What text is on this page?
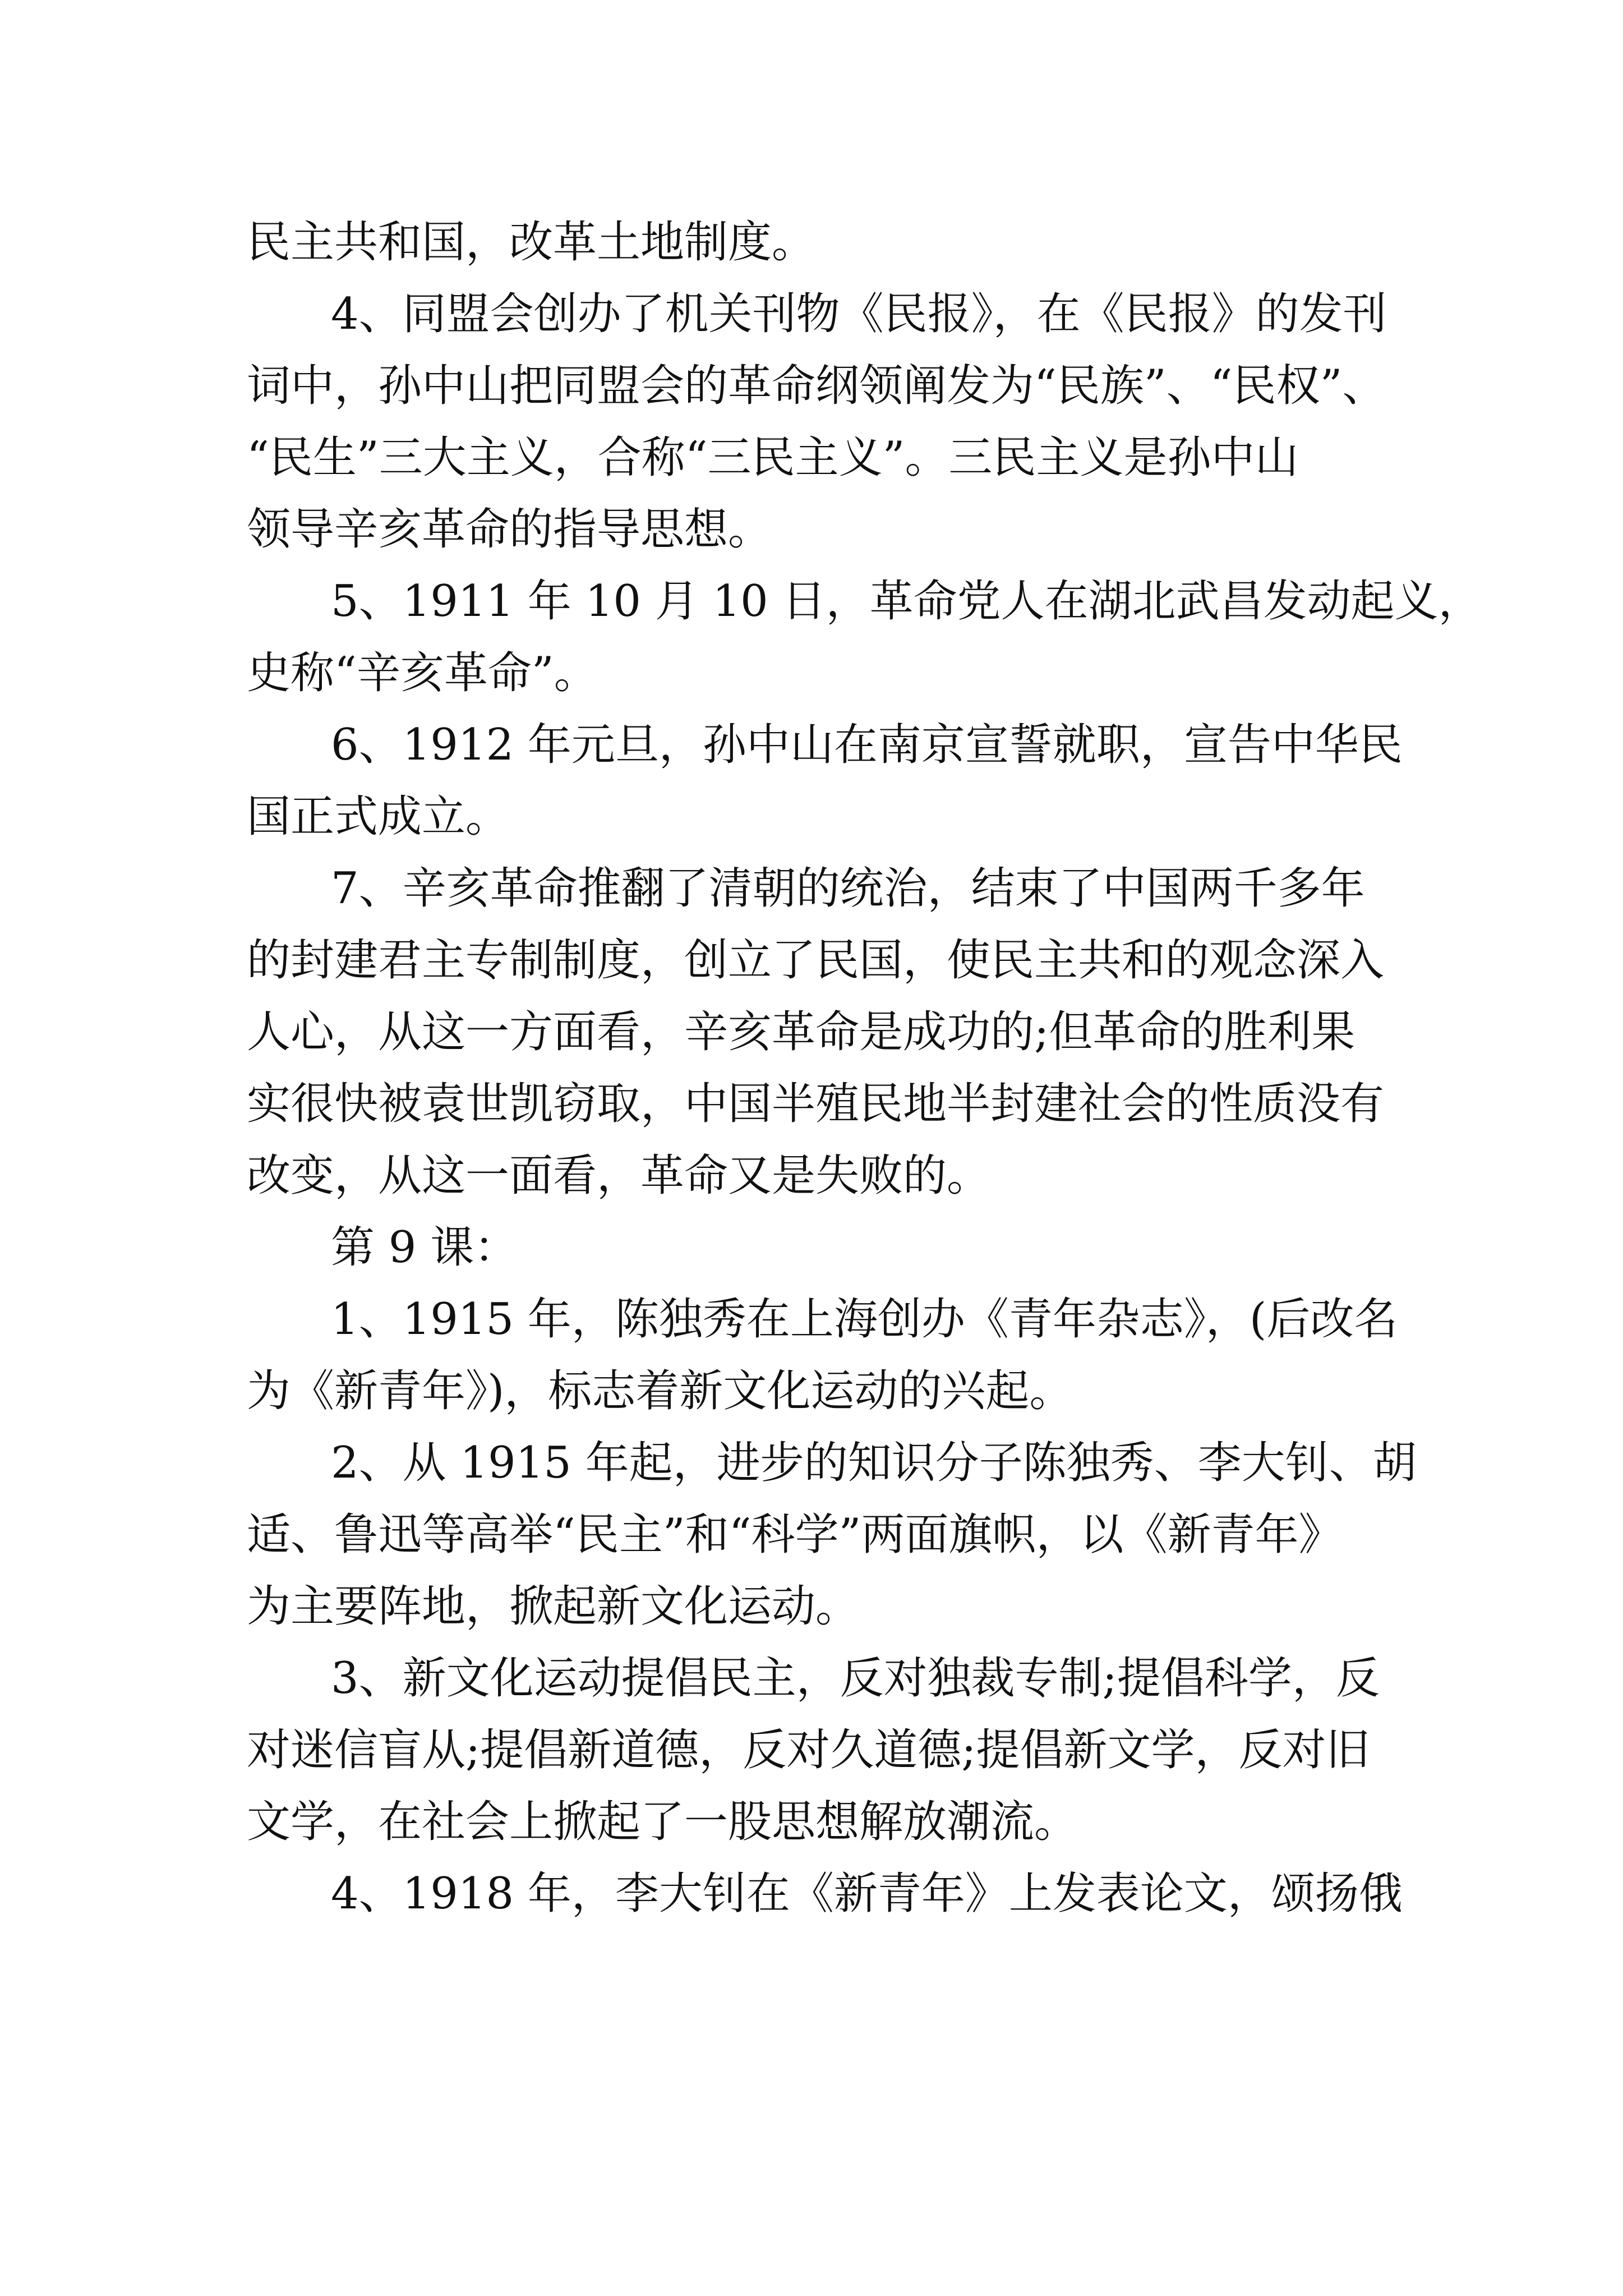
民主共和国，改革土地制度。
4、同盟会创办了机关刊物《民报》，在《民报》的发刊
词中，孙中山把同盟会的革命纲领阐发为“民族”、“民权”、
“民生”三大主义，合称“三民主义”。三民主义是孙中山
领导辛亥革命的指导思想。
5、1911 年 10 月 10 日，革命党人在湖北武昌发动起义，
史称“辛亥革命”。
6、1912 年元旦，孙中山在南京宣誓就职，宣告中华民
国正式成立。
7、辛亥革命推翻了清朝的统治，结束了中国两千多年
的封建君主专制制度，创立了民国，使民主共和的观念深入
人心，从这一方面看，辛亥革命是成功的;但革命的胜利果
实很快被袁世凯窃取，中国半殖民地半封建社会的性质没有
改变，从这一面看，革命又是失败的。
第 9 课：
1、1915 年，陈独秀在上海创办《青年杂志》，(后改名
为《新青年》)，标志着新文化运动的兴起。
2、从 1915 年起，进步的知识分子陈独秀、李大钊、胡
适、鲁迅等高举“民主”和“科学”两面旗帜，以《新青年》
为主要阵地，掀起新文化运动。
3、新文化运动提倡民主，反对独裁专制;提倡科学，反
对迷信盲从;提倡新道德，反对久道德;提倡新文学，反对旧
文学，在社会上掀起了一股思想解放潮流。
4、1918 年，李大钊在《新青年》上发表论文，颂扬俄
